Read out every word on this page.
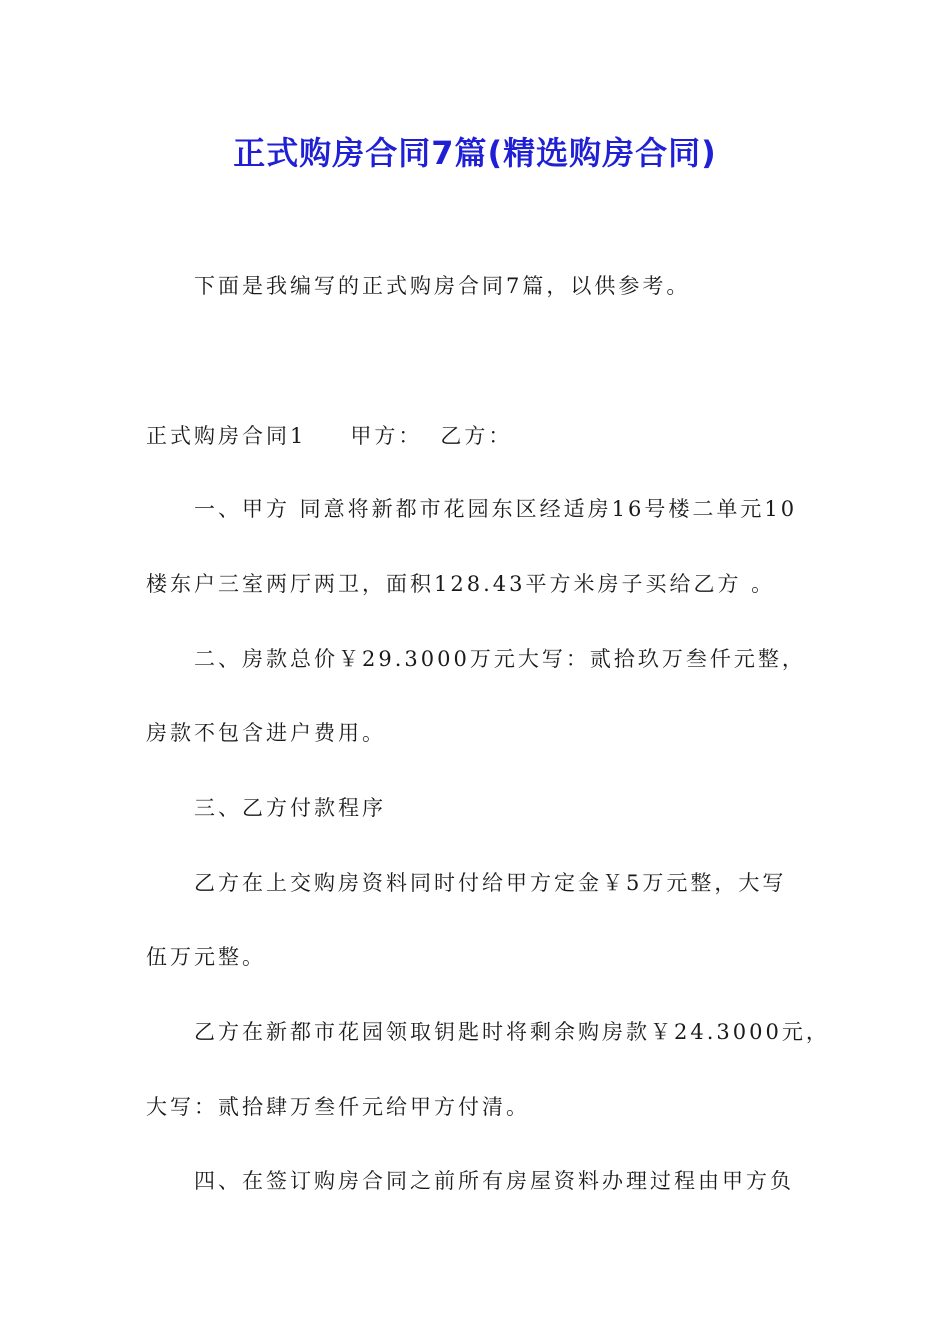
正式购房合同7篇(精选购房合同)
下面是我编写的正式购房合同7篇，以供参考。
正式购房合同1 甲方： 乙方：
一、甲方 同意将新都市花园东区经适房16号楼二单元10
楼东户三室两厅两卫，面积128.43平方米房子买给乙方 。
二、房款总价￥29.3000万元大写：贰拾玖万叁仟元整，
房款不包含进户费用。
三、乙方付款程序
乙方在上交购房资料同时付给甲方定金￥5万元整，大写
伍万元整。
乙方在新都市花园领取钥匙时将剩余购房款￥24.3000元，
大写：贰拾肆万叁仟元给甲方付清。
四、在签订购房合同之前所有房屋资料办理过程由甲方负
